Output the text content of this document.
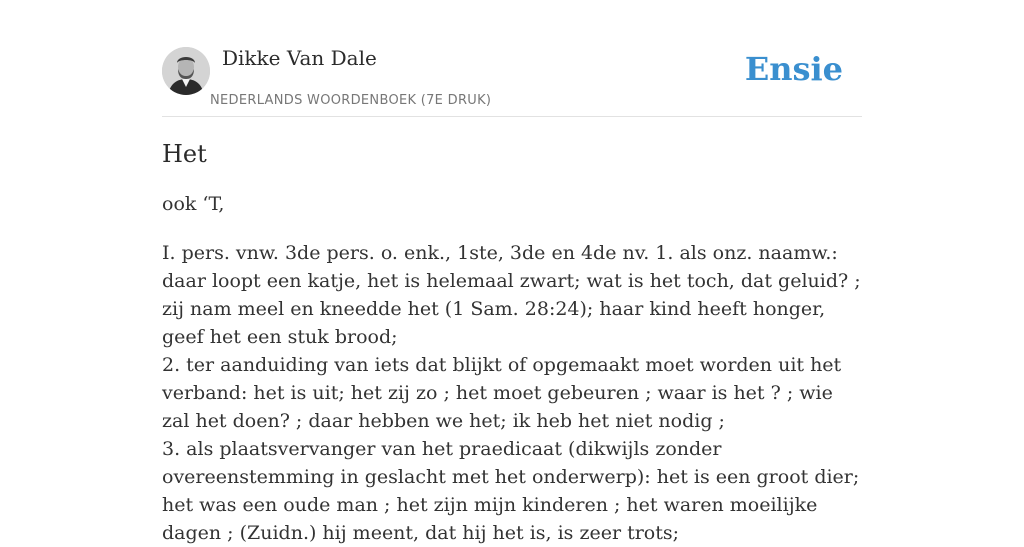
Dikke Van Dale
NEDERLANDS WOORDENBOEK (7E DRUK)
Ensie
Het
ook ‘T,

I. pers. vnw. 3de pers. o. enk., 1ste, 3de en 4de nv. 1. als onz. naamw.: daar loopt een katje, het is helemaal zwart; wat is het toch, dat geluid? ; zij nam meel en kneedde het (1 Sam. 28:24); haar kind heeft honger, geef het een stuk brood;

2. ter aanduiding van iets dat blijkt of opgemaakt moet worden uit het verband: het is uit; het zij zo ; het moet gebeuren ; waar is het ? ; wie zal het doen? ; daar hebben we het; ik heb het niet nodig ;

3. als plaatsvervanger van het praedicaat (dikwijls zonder overeenstemming in geslacht met het onderwerp): het is een groot dier; het was een oude man ; het zijn mijn kinderen ; het waren moeilijke dagen ; (Zuidn.) hij meent, dat hij het is, is zeer trots;
